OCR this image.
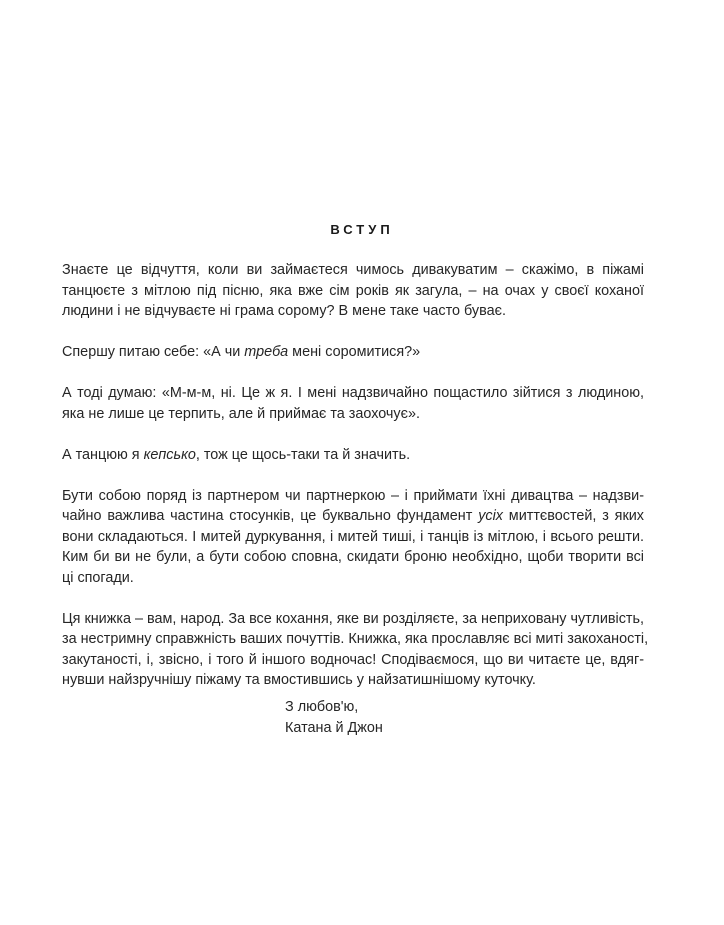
ВСТУП
Знаєте це відчуття, коли ви займаєтеся чимось дивакуватим – скажімо, в піжамі
танцюєте з мітлою під пісню, яка вже сім років як загула, – на очах у своєї коханої
людини і не відчуваєте ні грама сорому? В мене таке часто буває.
Спершу питаю себе: «А чи треба мені соромитися?»
А тоді думаю: «М-м-м, ні. Це ж я. І мені надзвичайно пощастило зійтися з людиною,
яка не лише це терпить, але й приймає та заохочує».
А танцюю я кепсько, тож це щось-таки та й значить.
Бути собою поряд із партнером чи партнеркою – і приймати їхні дивацтва – надзви-
чайно важлива частина стосунків, це буквально фундамент усіх миттєвостей, з яких
вони складаються. І митей дуркування, і митей тиші, і танців із мітлою, і всього решти.
Ким би ви не були, а бути собою сповна, скидати броню необхідно, щоби творити всі
ці спогади.
Ця книжка – вам, народ. За все кохання, яке ви розділяєте, за неприховану чутливість,
за нестримну справжність ваших почуттів. Книжка, яка прославляє всі миті закоханості,
закутаності, і, звісно, і того й іншого водночас! Сподіваємося, що ви читаєте це, вдяг-
нувши найзручнішу піжаму та вмостившись у найзатишнішому куточку.
З любов'ю,
Катана й Джон
